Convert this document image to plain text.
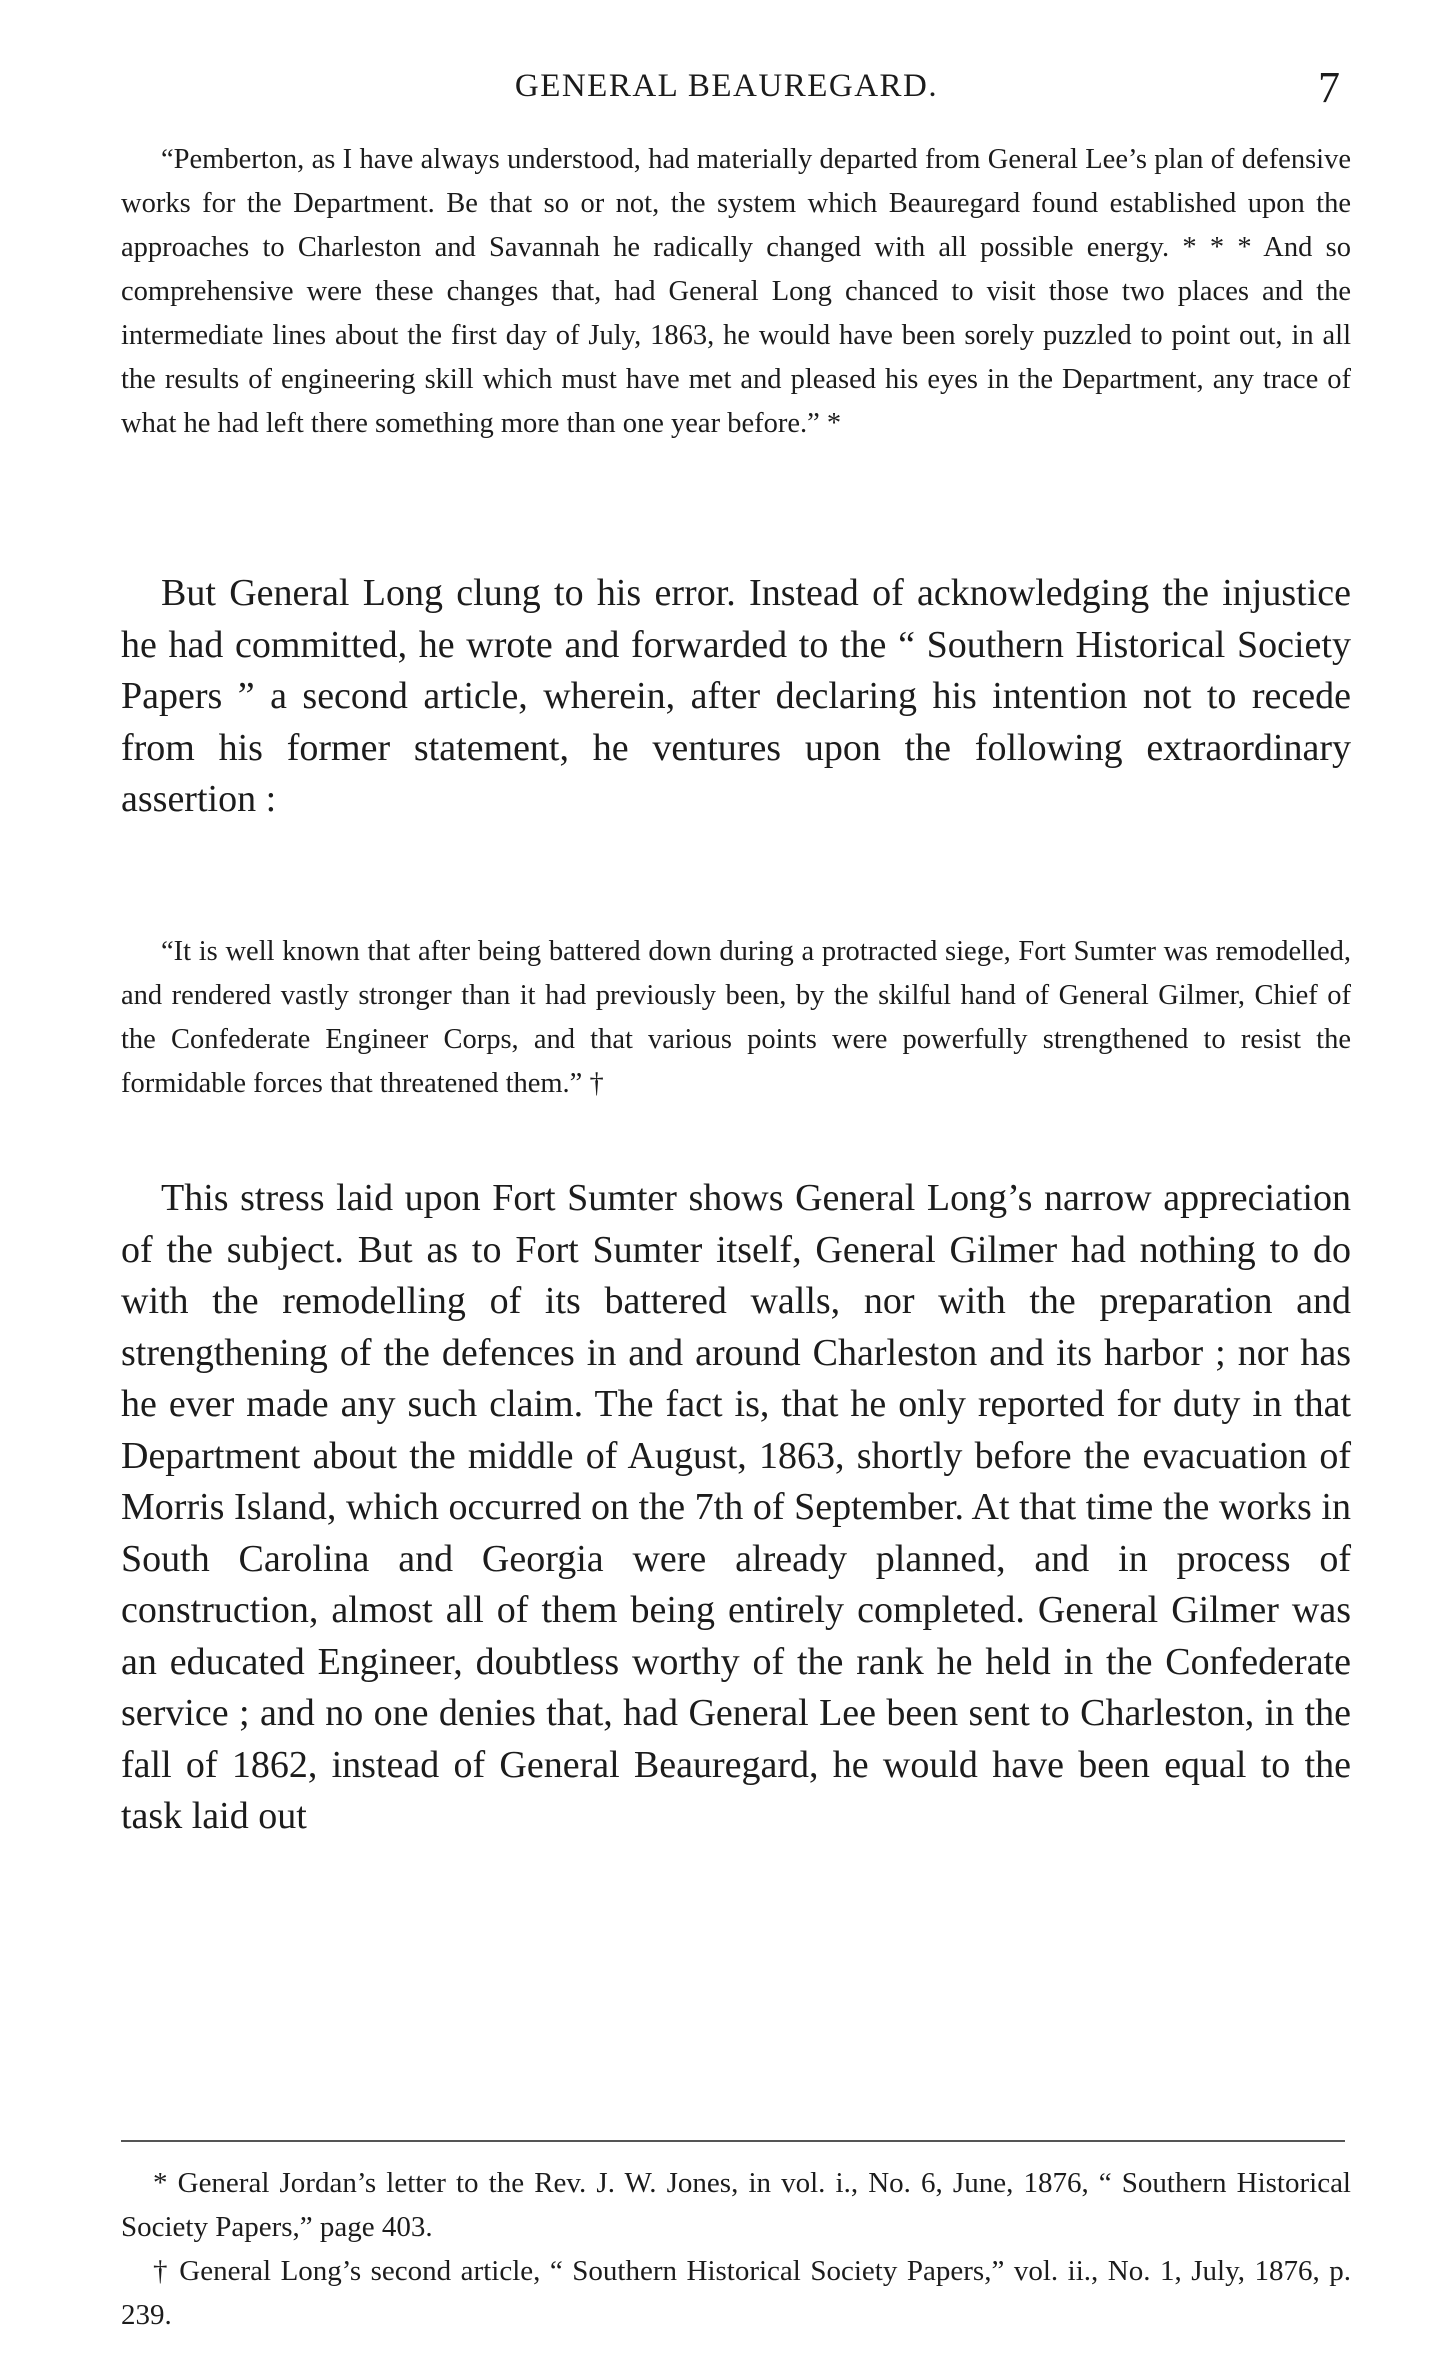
GENERAL BEAUREGARD.	7

“Pemberton, as I have always understood, had materially departed from General Lee’s plan of defensive works for the Department. Be that so or not, the system which Beauregard found established upon the approaches to Charleston and Savannah he radically changed with all possible energy. * * * And so comprehensive were these changes that, had General Long chanced to visit those two places and the intermediate lines about the first day of July, 1863, he would have been sorely puzzled to point out, in all the results of engineering skill which must have met and pleased his eyes in the Department, any trace of what he had left there something more than one year before.” *

But General Long clung to his error. Instead of acknowledging the injustice he had committed, he wrote and forwarded to the “ Southern Historical Society Papers ” a second article, wherein, after declaring his intention not to recede from his former statement, he ventures upon the following extraordinary assertion :

“It is well known that after being battered down during a protracted siege, Fort Sumter was remodelled, and rendered vastly stronger than it had previously been, by the skilful hand of General Gilmer, Chief of the Confederate Engineer Corps, and that various points were powerfully strengthened to resist the formidable forces that threatened them.” †

This stress laid upon Fort Sumter shows General Long’s narrow appreciation of the subject. But as to Fort Sumter itself, General Gilmer had nothing to do with the remodelling of its battered walls, nor with the preparation and strengthening of the defences in and around Charleston and its harbor ; nor has he ever made any such claim. The fact is, that he only reported for duty in that Department about the middle of August, 1863, shortly before the evacuation of Morris Island, which occurred on the 7th of September. At that time the works in South Carolina and Georgia were already planned, and in process of construction, almost all of them being entirely completed. General Gilmer was an educated Engineer, doubtless worthy of the rank he held in the Confederate service ; and no one denies that, had General Lee been sent to Charleston, in the fall of 1862, instead of General Beauregard, he would have been equal to the task laid out

* General Jordan’s letter to the Rev. J. W. Jones, in vol. i., No. 6, June, 1876, “ Southern Historical Society Papers,” page 403.

† General Long’s second article, “ Southern Historical Society Papers,” vol. ii., No. 1, July, 1876, p. 239.
